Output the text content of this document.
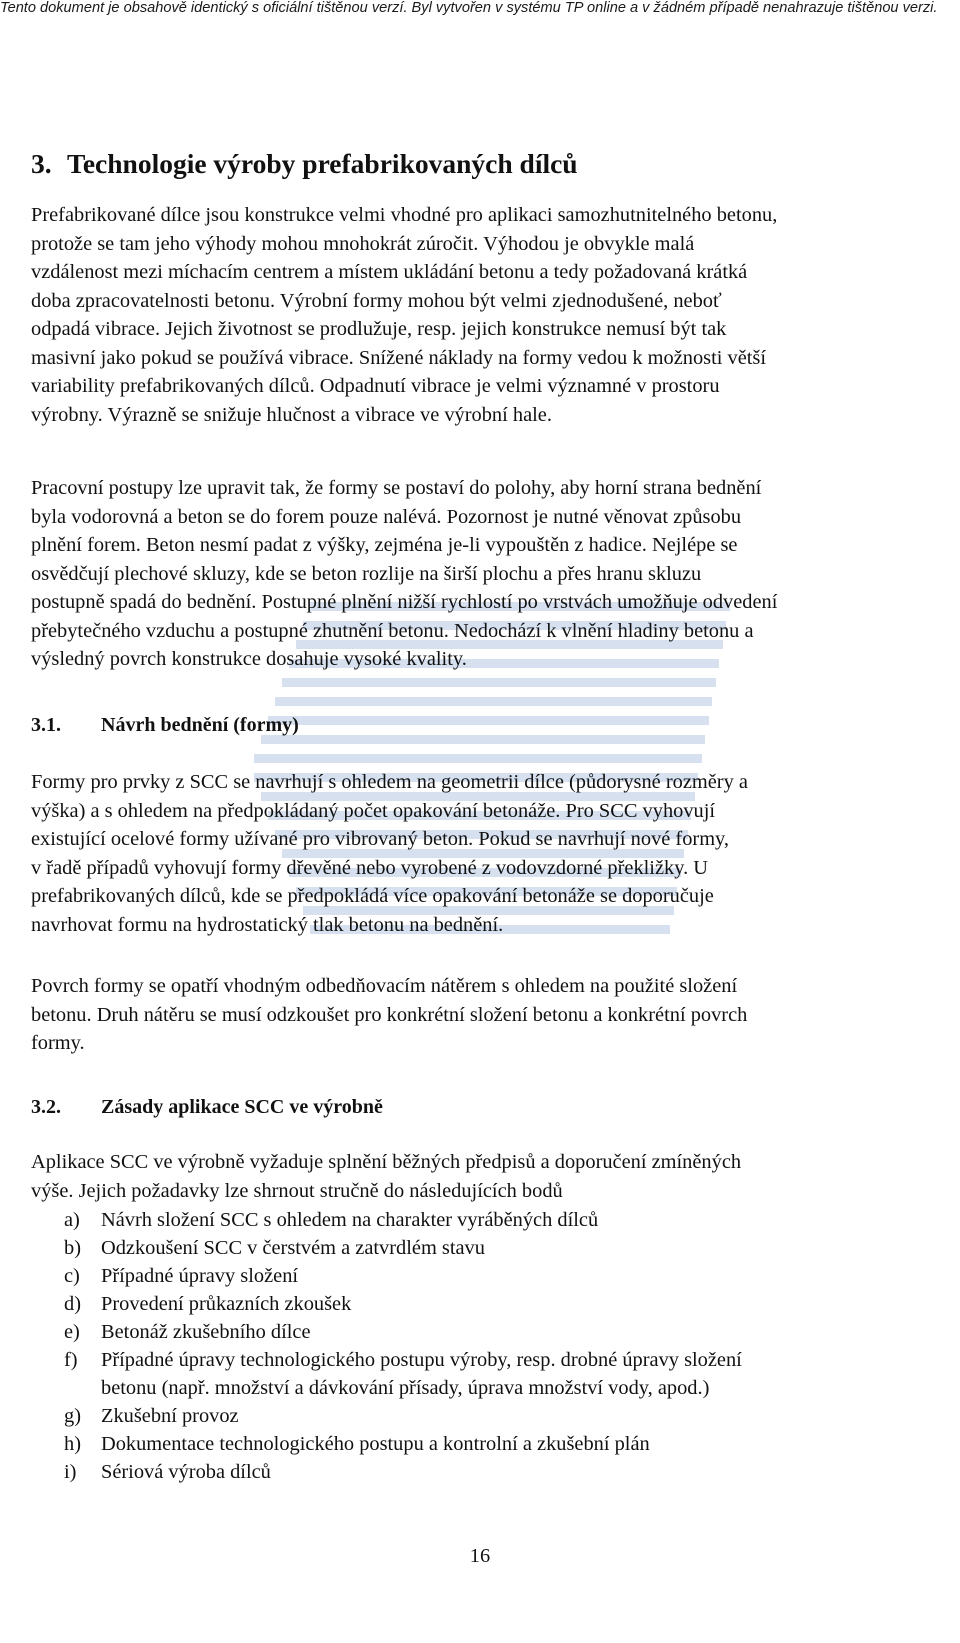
Tento dokument je obsahově identický s oficiální tištěnou verzí. Byl vytvořen v systému TP online a v žádném případě nenahrazuje tištěnou verzi.
3. Technologie výroby prefabrikovaných dílců
Prefabrikované dílce jsou konstrukce velmi vhodné pro aplikaci samozhutnitelného betonu,
protože se tam jeho výhody mohou mnohokrát zúročit. Výhodou je obvykle malá
vzdálenost mezi míchacím centrem a místem ukládání betonu a tedy požadovaná krátká
doba zpracovatelnosti betonu. Výrobní formy mohou být velmi zjednodušené, neboť
odpadá vibrace. Jejich životnost se prodlužuje, resp. jejich konstrukce nemusí být tak
masivní jako pokud se používá vibrace. Snížené náklady na formy vedou k možnosti větší
variability prefabrikovaných dílců. Odpadnutí vibrace je velmi významné v prostoru
výrobny. Výrazně se snižuje hlučnost a vibrace ve výrobní hale.
Pracovní postupy lze upravit tak, že formy se postaví do polohy, aby horní strana bednění
byla vodorovná a beton se do forem pouze nalévá. Pozornost je nutné věnovat způsobu
plnění forem. Beton nesmí padat z výšky, zejména je-li vypouštěn z hadice. Nejlépe se
osvědčují plechové skluzy, kde se beton rozlije na širší plochu a přes hranu skluzu
postupně spadá do bednění. Postupné plnění nižší rychlostí po vrstvách umožňuje odvedení
přebytečného vzduchu a postupné zhutnění betonu. Nedochází k vlnění hladiny betonu a
výsledný povrch konstrukce dosahuje vysoké kvality.
3.1. Návrh bednění (formy)
Formy pro prvky z SCC se navrhují s ohledem na geometrii dílce (půdorysné rozměry a
výška) a s ohledem na předpokládaný počet opakování betonáže. Pro SCC vyhovují
existující ocelové formy užívané pro vibrovaný beton. Pokud se navrhují nové formy,
v řadě případů vyhovují formy dřevěné nebo vyrobené z vodovzdorné překližky. U
prefabrikovaných dílců, kde se předpokládá více opakování betonáže se doporučuje
navrhovat formu na hydrostatický tlak betonu na bednění.
Povrch formy se opatří vhodným odbedňovacím nátěrem s ohledem na použité složení
betonu. Druh nátěru se musí odzkoušet pro konkrétní složení betonu a konkrétní povrch
formy.
3.2. Zásady aplikace SCC ve výrobně
Aplikace SCC ve výrobně vyžaduje splnění běžných předpisů a doporučení zmíněných
výše. Jejich požadavky lze shrnout stručně do následujících bodů
a) Návrh složení SCC s ohledem na charakter vyráběných dílců
b) Odzkoušení SCC v čerstvém a zatvrdlém stavu
c) Případné úpravy složení
d) Provedení průkazních zkoušek
e) Betonáž zkušebního dílce
f) Případné úpravy technologického postupu výroby, resp. drobné úpravy složení
betonu (např. množství a dávkování přísady, úprava množství vody, apod.)
g) Zkušební provoz
h) Dokumentace technologického postupu a kontrolní a zkušební plán
i) Sériová výroba dílců
16
